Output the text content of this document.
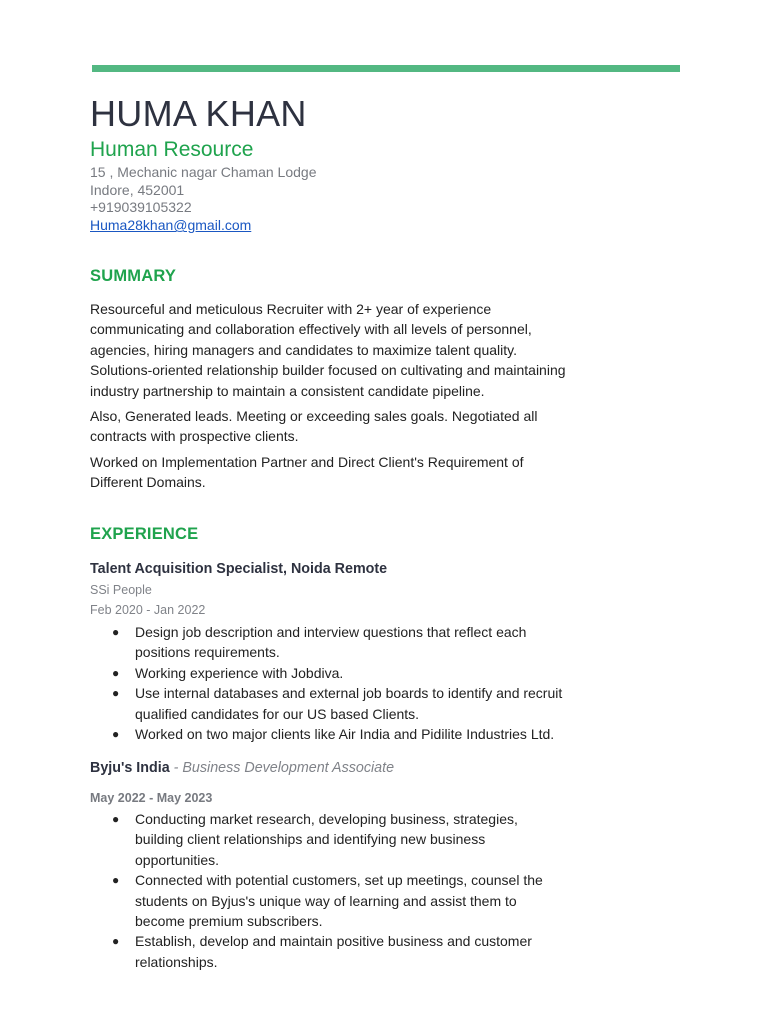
HUMA KHAN
Human Resource
15 , Mechanic nagar Chaman Lodge
Indore, 452001
+919039105322
Huma28khan@gmail.com
SUMMARY
Resourceful and meticulous Recruiter with 2+ year of experience communicating and collaboration effectively with all levels of personnel, agencies, hiring managers and candidates to maximize talent quality. Solutions-oriented relationship builder focused on cultivating and maintaining industry partnership to maintain a consistent candidate pipeline.
Also, Generated leads. Meeting or exceeding sales goals. Negotiated all contracts with prospective clients.
Worked on Implementation Partner and Direct Client's Requirement of Different Domains.
EXPERIENCE
Talent Acquisition Specialist, Noida Remote
SSi People
Feb 2020 - Jan 2022
● Design job description and interview questions that reflect each positions requirements.
● Working experience with Jobdiva.
● Use internal databases and external job boards to identify and recruit qualified candidates for our US based Clients.
● Worked on two major clients like Air India and Pidilite Industries Ltd.
Byju's India - Business Development Associate
May 2022 - May 2023
● Conducting market research, developing business, strategies, building client relationships and identifying new business opportunities.
● Connected with potential customers, set up meetings, counsel the students on Byjus's unique way of learning and assist them to become premium subscribers.
● Establish, develop and maintain positive business and customer relationships.
